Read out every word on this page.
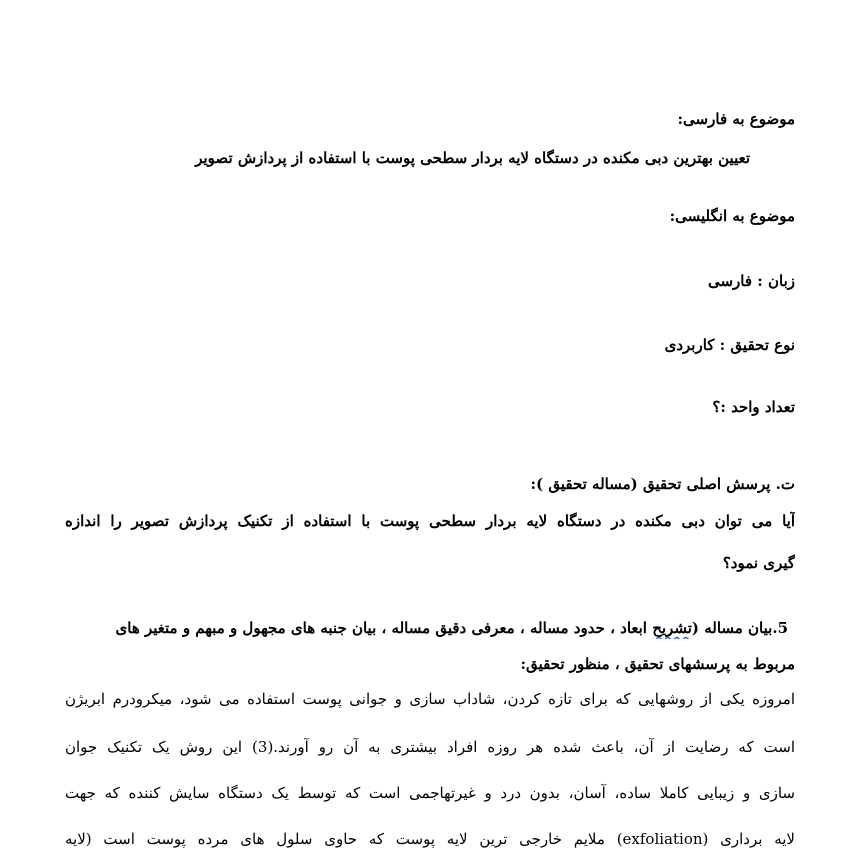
موضوع به فارسی:
تعیین بهترین دبی مکنده در دستگاه لایه بردار سطحی پوست با استفاده از پردازش تصویر
موضوع به انگلیسی:
زبان : فارسی
نوع تحقیق : کاربردی
تعداد واحد :؟
ت. پرسش اصلی تحقیق (مساله تحقیق ):
آیا می توان دبی مکنده در دستگاه لایه بردار سطحی پوست با استفاده از تکنیک پردازش تصویر را اندازه
گیری نمود؟
5.بیان مساله (تشریح ابعاد ، حدود مساله ، معرفی دقیق مساله ، بیان جنبه های مجهول و مبهم و متغیر های
مربوط به پرسشهای تحقیق ، منظور تحقیق:
امروزه یکی از روشهایی که برای تازه کردن، شاداب سازی و جوانی پوست استفاده می شود، میکرودرم ابریژن
است که رضایت از آن، باعث شده هر روزه افراد بیشتری به آن رو آورند.(3) این روش یک تکنیک جوان
سازی و زیبایی کاملا ساده، آسان، بدون درد و غیرتهاجمی است که توسط یک دستگاه سایش کننده که جهت
لایه برداری (exfoliation) ملایم خارجی ترین لایه پوست که حاوی سلول های مرده پوست است (لایه
